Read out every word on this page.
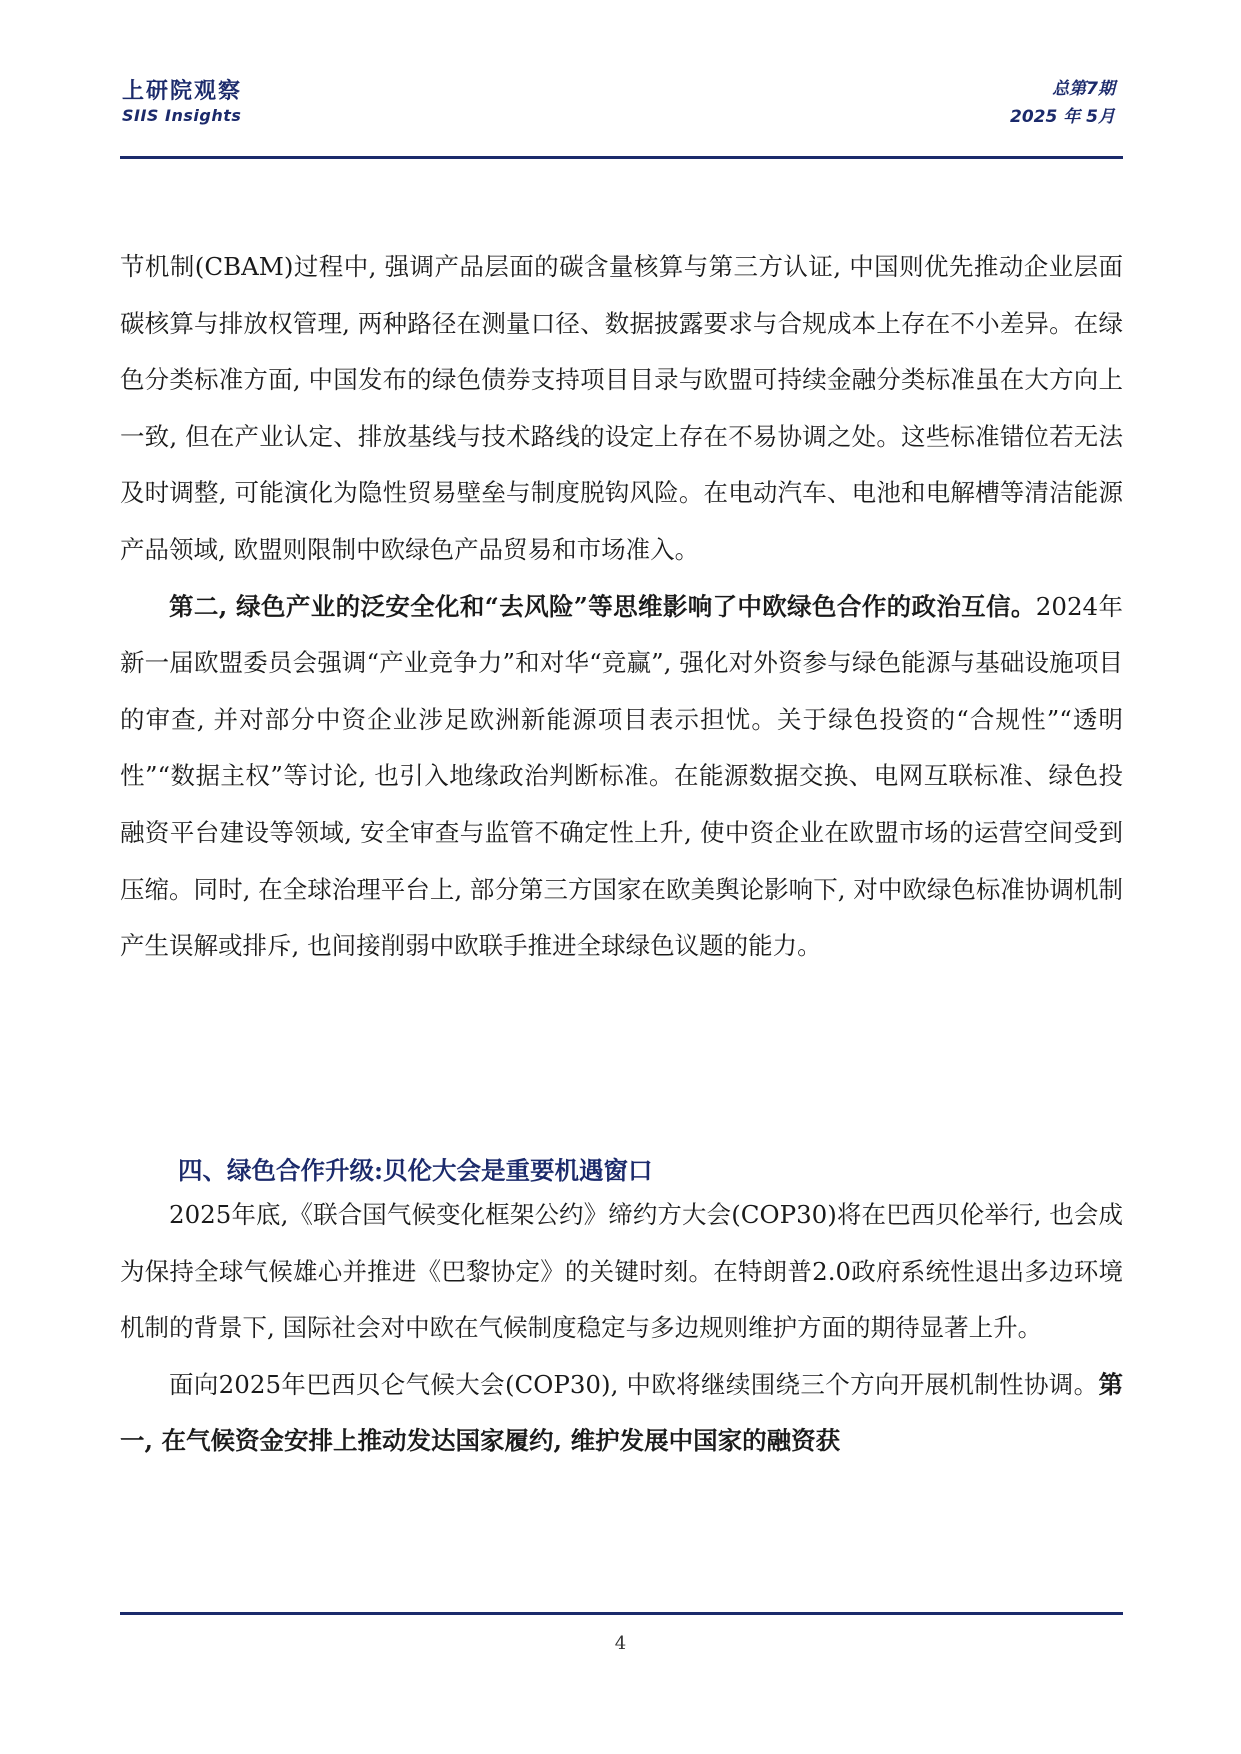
上研院观察
SIIS Insights
总第7期
2025 年 5月

节机制(CBAM)过程中, 强调产品层面的碳含量核算与第三方认证, 中国则优先推动企业层面碳核算与排放权管理, 两种路径在测量口径、数据披露要求与合规成本上存在不小差异。在绿色分类标准方面, 中国发布的绿色债券支持项目目录与欧盟可持续金融分类标准虽在大方向上一致, 但在产业认定、排放基线与技术路线的设定上存在不易协调之处。这些标准错位若无法及时调整, 可能演化为隐性贸易壁垒与制度脱钩风险。在电动汽车、电池和电解槽等清洁能源产品领域, 欧盟则限制中欧绿色产品贸易和市场准入。

第二, 绿色产业的泛安全化和“去风险”等思维影响了中欧绿色合作的政治互信。2024年新一届欧盟委员会强调“产业竞争力”和对华“竞赢”, 强化对外资参与绿色能源与基础设施项目的审查, 并对部分中资企业涉足欧洲新能源项目表示担忧。关于绿色投资的“合规性”“透明性”“数据主权”等讨论, 也引入地缘政治判断标准。在能源数据交换、电网互联标准、绿色投融资平台建设等领域, 安全审查与监管不确定性上升, 使中资企业在欧盟市场的运营空间受到压缩。同时, 在全球治理平台上, 部分第三方国家在欧美舆论影响下, 对中欧绿色标准协调机制产生误解或排斥, 也间接削弱中欧联手推进全球绿色议题的能力。

四、绿色合作升级:贝伦大会是重要机遇窗口

2025年底,《联合国气候变化框架公约》缔约方大会(COP30)将在巴西贝伦举行, 也会成为保持全球气候雄心并推进《巴黎协定》的关键时刻。在特朗普2.0政府系统性退出多边环境机制的背景下, 国际社会对中欧在气候制度稳定与多边规则维护方面的期待显著上升。

面向2025年巴西贝仑气候大会(COP30), 中欧将继续围绕三个方向开展机制性协调。第一, 在气候资金安排上推动发达国家履约, 维护发展中国家的融资获

4
